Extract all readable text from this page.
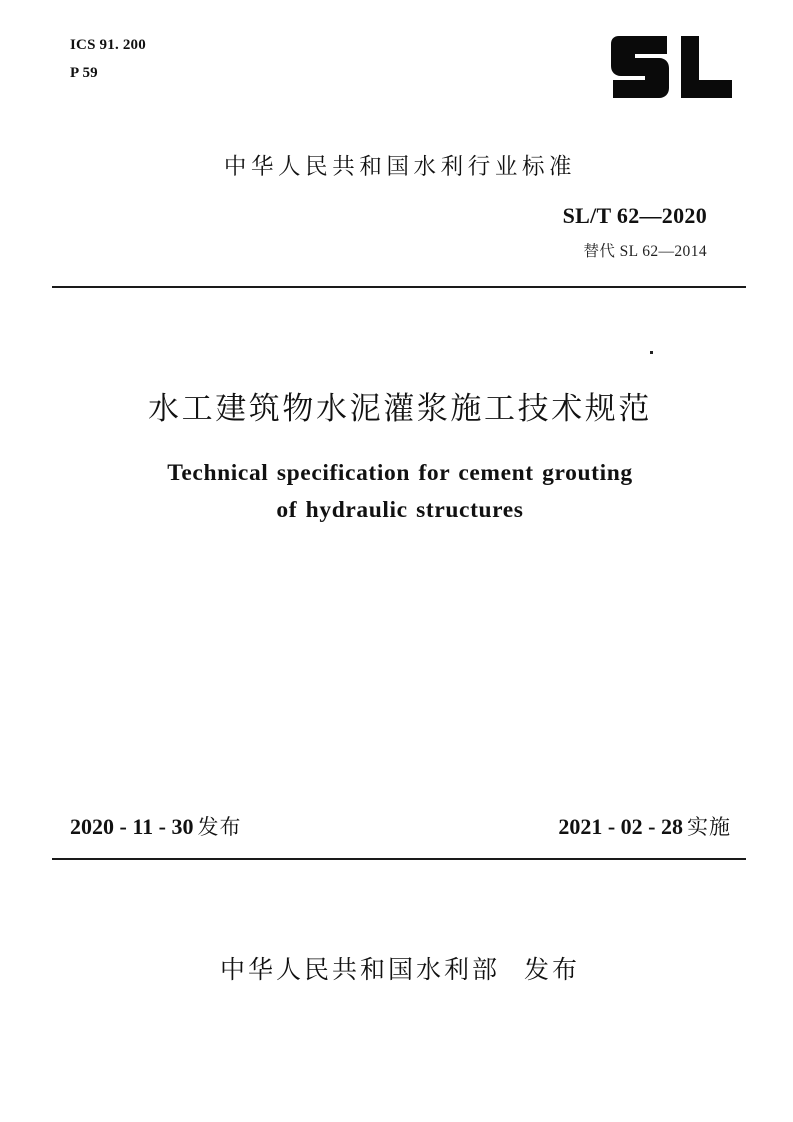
ICS 91. 200
P 59
中华人民共和国水利行业标准
SL/T 62—2020
替代 SL 62—2014
水工建筑物水泥灌浆施工技术规范
Technical specification for cement grouting
of hydraulic structures
2020 - 11 - 30 发布	2021 - 02 - 28 实施
中华人民共和国水利部 发布
